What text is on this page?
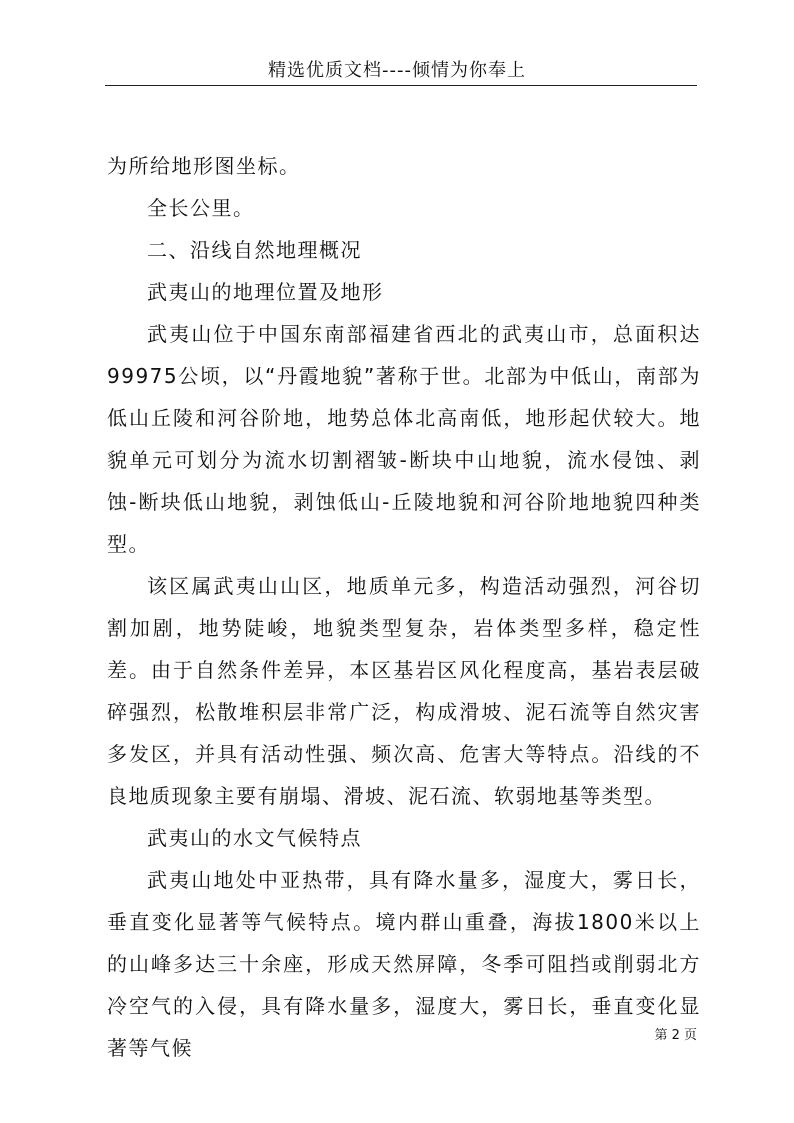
精选优质文档----倾情为你奉上

为所给地形图坐标。

全长公里。

二、沿线自然地理概况

武夷山的地理位置及地形

武夷山位于中国东南部福建省西北的武夷山市，总面积达99975公顷，以“丹霞地貌”著称于世。北部为中低山，南部为低山丘陵和河谷阶地，地势总体北高南低，地形起伏较大。地貌单元可划分为流水切割褶皱-断块中山地貌，流水侵蚀、剥蚀-断块低山地貌，剥蚀低山-丘陵地貌和河谷阶地地貌四种类型。

该区属武夷山山区，地质单元多，构造活动强烈，河谷切割加剧，地势陡峻，地貌类型复杂，岩体类型多样，稳定性差。由于自然条件差异，本区基岩区风化程度高，基岩表层破碎强烈，松散堆积层非常广泛，构成滑坡、泥石流等自然灾害多发区，并具有活动性强、频次高、危害大等特点。沿线的不良地质现象主要有崩塌、滑坡、泥石流、软弱地基等类型。

武夷山的水文气候特点

武夷山地处中亚热带，具有降水量多，湿度大，雾日长，垂直变化显著等气候特点。境内群山重叠，海拔1800米以上的山峰多达三十余座，形成天然屏障，冬季可阻挡或削弱北方冷空气的入侵，具有降水量多，湿度大，雾日长，垂直变化显著等气候

第 2 页
